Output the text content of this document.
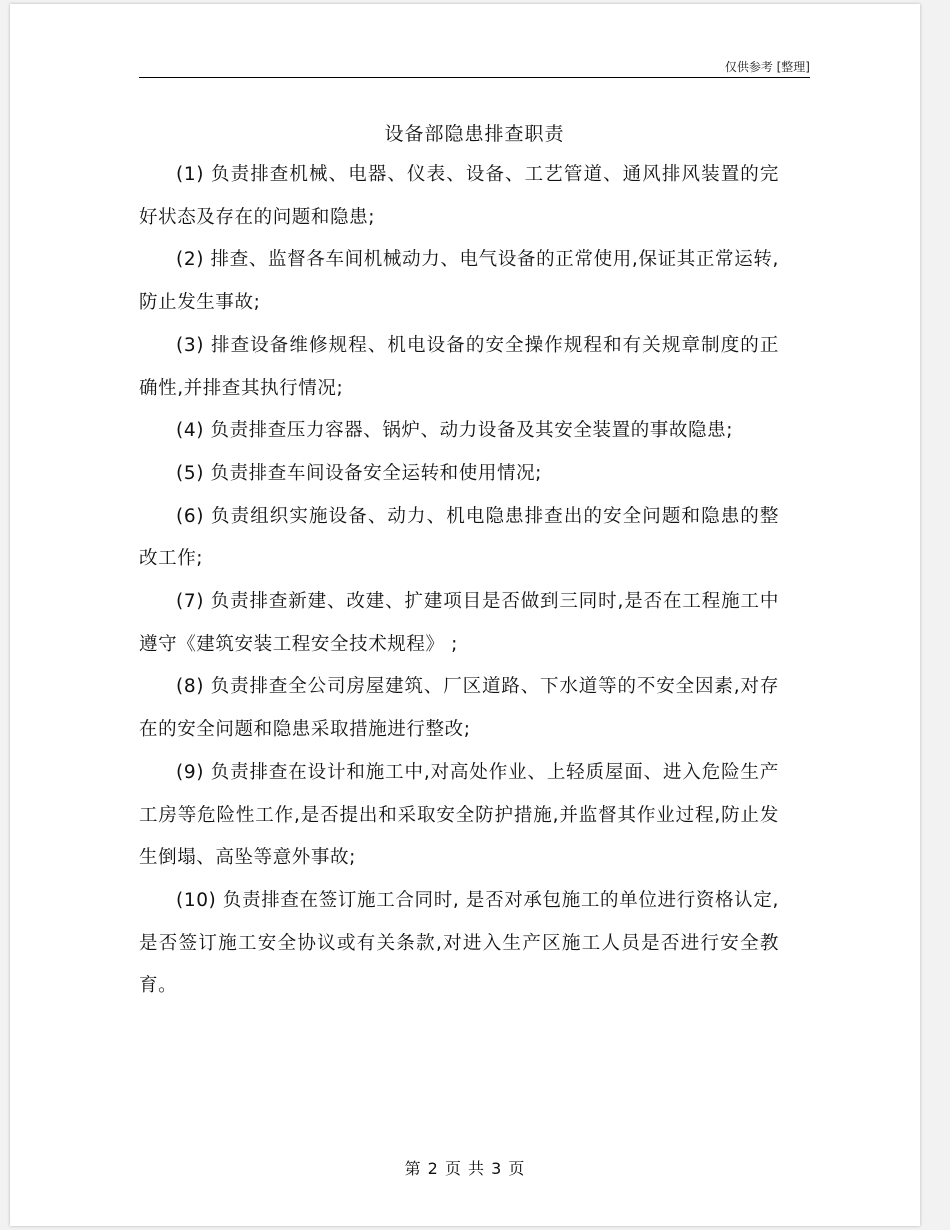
仅供参考 [整理]
设备部隐患排查职责

(1) 负责排查机械、电器、仪表、设备、工艺管道、通风排风装置的完好状态及存在的问题和隐患;

(2) 排查、监督各车间机械动力、电气设备的正常使用,保证其正常运转,防止发生事故;

(3) 排查设备维修规程、机电设备的安全操作规程和有关规章制度的正确性,并排查其执行情况;

(4) 负责排查压力容器、锅炉、动力设备及其安全装置的事故隐患;

(5) 负责排查车间设备安全运转和使用情况;

(6) 负责组织实施设备、动力、机电隐患排查出的安全问题和隐患的整改工作;

(7) 负责排查新建、改建、扩建项目是否做到三同时,是否在工程施工中遵守《建筑安装工程安全技术规程》 ;

(8) 负责排查全公司房屋建筑、厂区道路、下水道等的不安全因素,对存在的安全问题和隐患采取措施进行整改;

(9) 负责排查在设计和施工中,对高处作业、上轻质屋面、进入危险生产工房等危险性工作,是否提出和采取安全防护措施,并监督其作业过程,防止发生倒塌、高坠等意外事故;

(10) 负责排查在签订施工合同时, 是否对承包施工的单位进行资格认定,是否签订施工安全协议或有关条款,对进入生产区施工人员是否进行安全教育。

第 2 页 共 3 页
